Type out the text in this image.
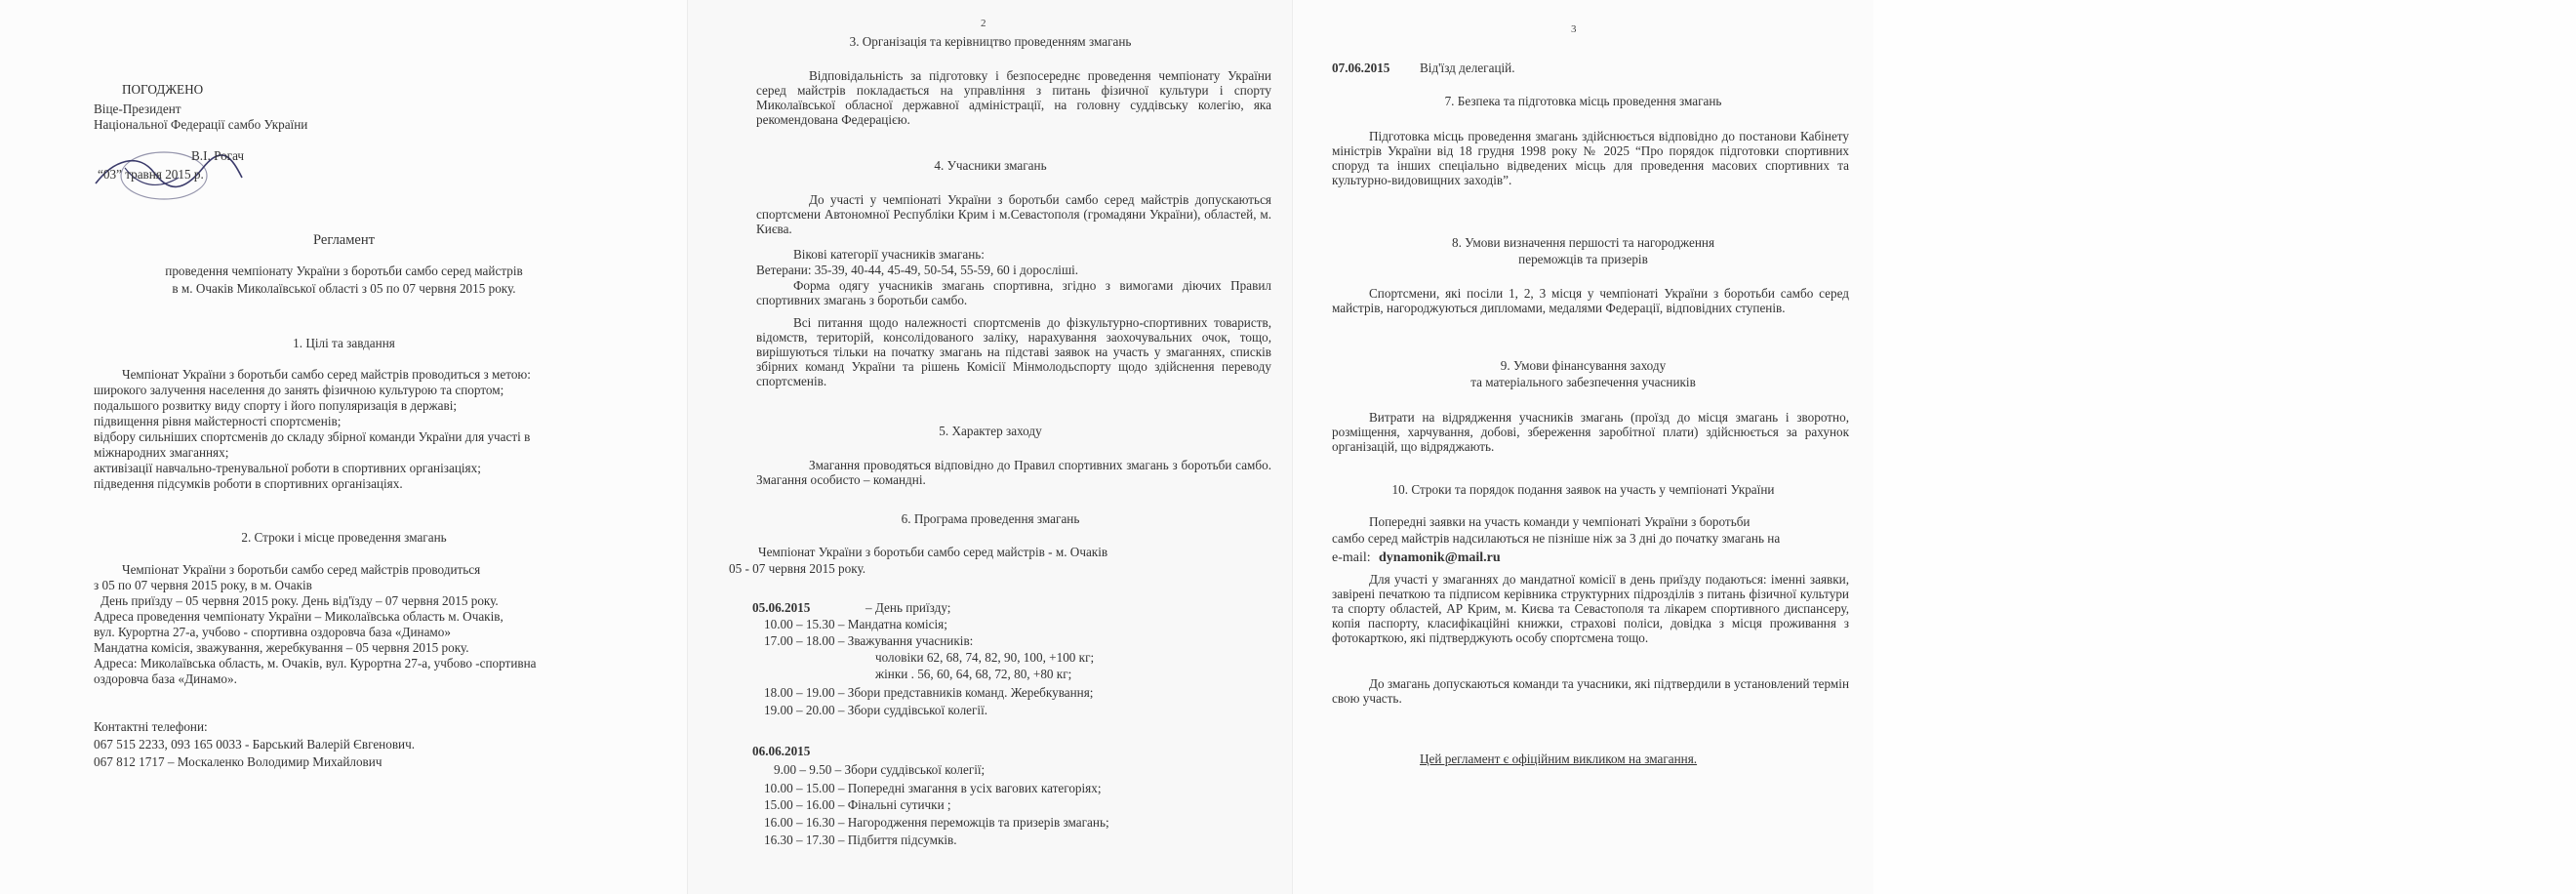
ПОГОДЖЕНО
Віце-Президент
Національної Федерації самбо України
В.І. Рогач
“03” травня 2015 р.
Регламент
проведення чемпіонату України з боротьби самбо серед майстрів
в м. Очаків Миколаївської області з 05 по 07 червня 2015 року.
1. Цілі та завдання
Чемпіонат України з боротьби самбо серед майстрів проводиться з метою:
широкого залучення населення до занять фізичною культурою та спортом;
подальшого розвитку виду спорту і його популяризація в державі;
підвищення рівня майстерності спортсменів;
відбору сильніших спортсменів до складу збірної команди України для участі в
міжнародних змаганнях;
активізації навчально-тренувальної роботи в спортивних організаціях;
підведення підсумків роботи в спортивних організаціях.
2. Строки і місце проведення змагань
Чемпіонат України з боротьби самбо серед майстрів проводиться
з 05 по 07 червня 2015 року, в м. Очаків
День приїзду – 05 червня 2015 року. День від'їзду – 07 червня 2015 року.
Адреса проведення чемпіонату України – Миколаївська область м. Очаків,
вул. Курортна 27-а, учбово - спортивна оздоровча база «Динамо»
Мандатна комісія, зважування, жеребкування – 05 червня 2015 року.
Адреса: Миколаївська область, м. Очаків, вул. Курортна 27-а, учбово -спортивна
оздоровча база «Динамо».
Контактні телефони:
067 515 2233, 093 165 0033 - Барський Валерій Євгенович.
067 812 1717 – Москаленко Володимир Михайлович
2
3. Організація та керівництво проведенням змагань
Відповідальність за підготовку і безпосереднє проведення чемпіонату України серед майстрів покладається на управління з питань фізичної культури і спорту Миколаївської обласної державної адміністрації, на головну суддівську колегію, яка рекомендована Федерацією.
4. Учасники змагань
До участі у чемпіонаті України з боротьби самбо серед майстрів допускаються спортсмени Автономної Республіки Крим і м.Севастополя (громадяни України), областей, м. Києва.
Вікові категорії учасників змагань:
Ветерани: 35-39, 40-44, 45-49, 50-54, 55-59, 60 і доросліші.
Форма одягу учасників змагань спортивна, згідно з вимогами діючих Правил спортивних змагань з боротьби самбо.
Всі питання щодо належності спортсменів до фізкультурно-спортивних товариств, відомств, територій, консолідованого заліку, нарахування заохочувальних очок, тощо, вирішуються тільки на початку змагань на підставі заявок на участь у змаганнях, списків збірних команд України та рішень Комісії Мінмолодьспорту щодо здійснення переводу спортсменів.
5. Характер заходу
Змагання проводяться відповідно до Правил спортивних змагань з боротьби самбо. Змагання особисто – командні.
6. Програма проведення змагань
Чемпіонат України з боротьби самбо серед майстрів - м. Очаків
05 - 07 червня 2015 року.
05.06.2015	– День приїзду;
10.00 – 15.30 – Мандатна комісія;
17.00 – 18.00 – Зважування учасників:
чоловіки 62, 68, 74, 82, 90, 100, +100 кг;
жінки . 56, 60, 64, 68, 72, 80, +80 кг;
18.00 – 19.00 – Збори представників команд. Жеребкування;
19.00 – 20.00 – Збори суддівської колегії.
06.06.2015
9.00 – 9.50 – Збори суддівської колегії;
10.00 – 15.00 – Попередні змагання в усіх вагових категоріях;
15.00 – 16.00 – Фінальні сутички ;
16.00 – 16.30 – Нагородження переможців та призерів змагань;
16.30 – 17.30 – Підбиття підсумків.
3
07.06.2015 Від'їзд делегацій.
7. Безпека та підготовка місць проведення змагань
Підготовка місць проведення змагань здійснюється відповідно до постанови Кабінету міністрів України від 18 грудня 1998 року № 2025 “Про порядок підготовки спортивних споруд та інших спеціально відведених місць для проведення масових спортивних та культурно-видовищних заходів”.
8. Умови визначення першості та нагородження
переможців та призерів
Спортсмени, які посіли 1, 2, 3 місця у чемпіонаті України з боротьби самбо серед майстрів, нагороджуються дипломами, медалями Федерації, відповідних ступенів.
9. Умови фінансування заходу
та матеріального забезпечення учасників
Витрати на відрядження учасників змагань (проїзд до місця змагань і зворотно, розміщення, харчування, добові, збереження заробітної плати) здійснюється за рахунок організацій, що відряджають.
10. Строки та порядок подання заявок на участь у чемпіонаті України
Попередні заявки на участь команди у чемпіонаті України з боротьби
самбо серед майстрів надсилаються не пізніше ніж за 3 дні до початку змагань на
e-mail: dynamonik@mail.ru
Для участі у змаганнях до мандатної комісії в день приїзду подаються: іменні заявки, завірені печаткою та підписом керівника структурних підрозділів з питань фізичної культури та спорту областей, АР Крим, м. Києва та Севастополя та лікарем спортивного диспансеру, копія паспорту, класифікаційні книжки, страхові поліси, довідка з місця проживання з фотокарткою, які підтверджують особу спортсмена тощо.
До змагань допускаються команди та учасники, які підтвердили в установлений термін свою участь.
Цей регламент є офіційним викликом на змагання.
